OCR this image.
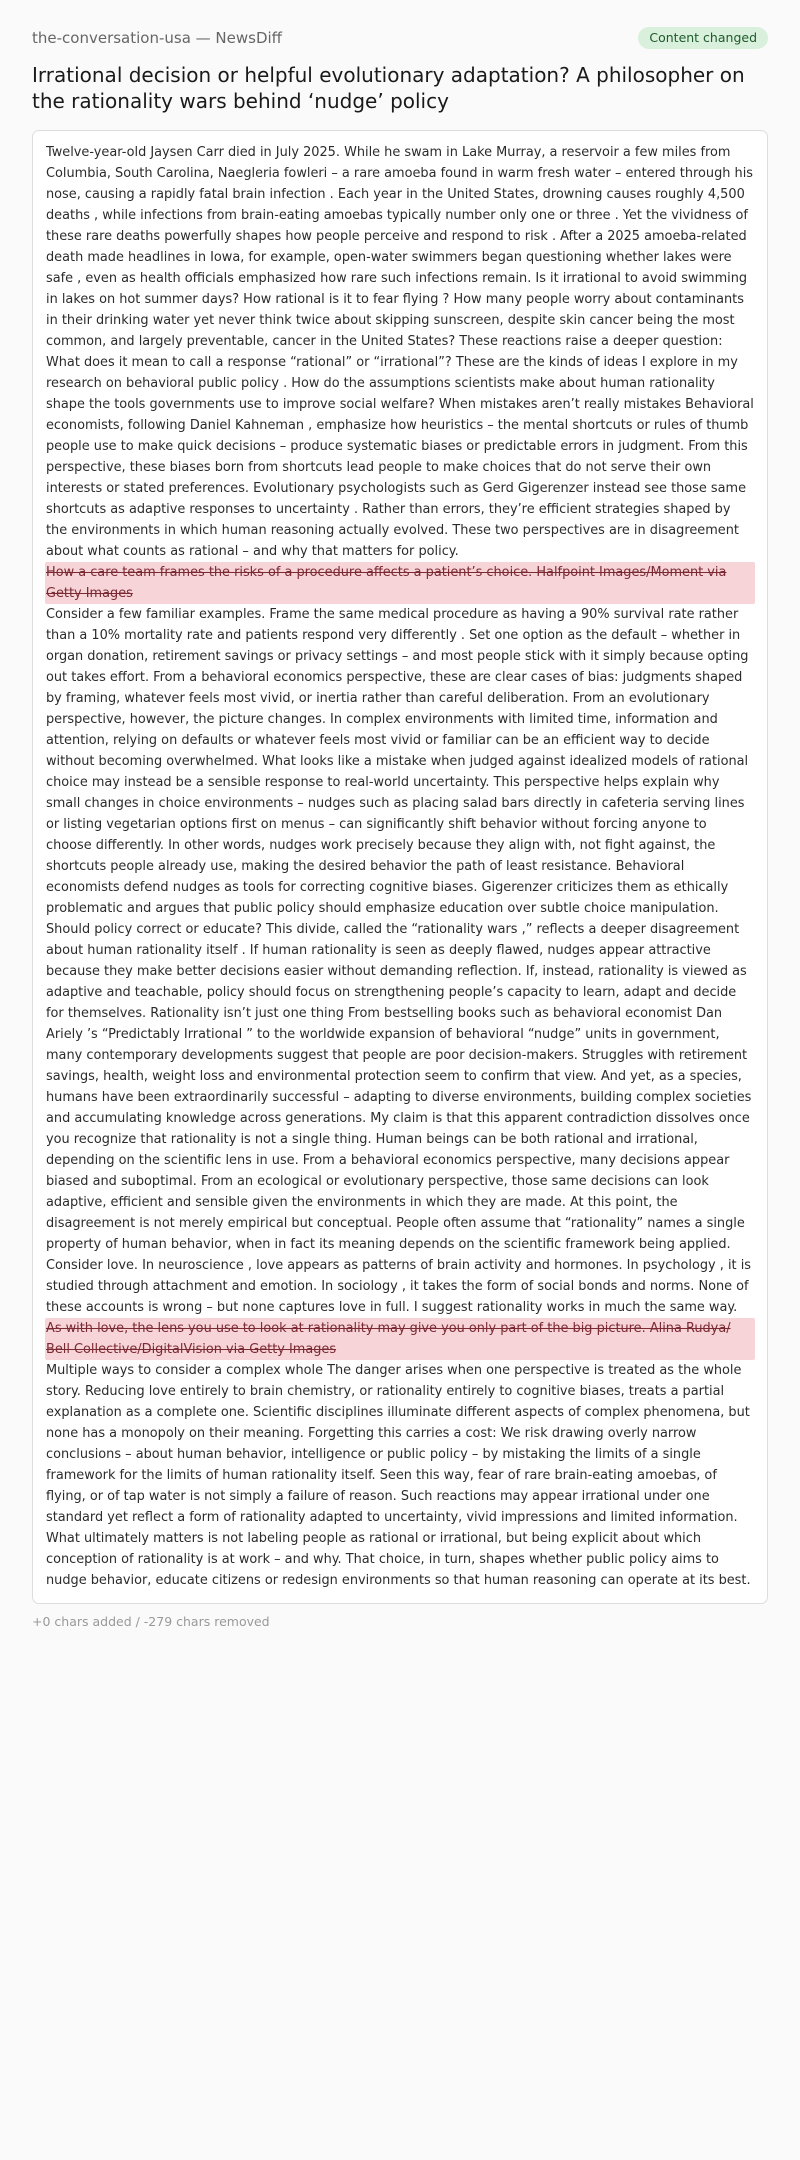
the-conversation-usa — NewsDiff	Content changed
Irrational decision or helpful evolutionary adaptation? A philosopher on the rationality wars behind ‘nudge’ policy

Twelve-year-old Jaysen Carr died in July 2025. While he swam in Lake Murray, a reservoir a few miles from Columbia, South Carolina, Naegleria fowleri – a rare amoeba found in warm fresh water – entered through his nose, causing a rapidly fatal brain infection . Each year in the United States, drowning causes roughly 4,500 deaths , while infections from brain-eating amoebas typically number only one or three . Yet the vividness of these rare deaths powerfully shapes how people perceive and respond to risk . After a 2025 amoeba-related death made headlines in Iowa, for example, open-water swimmers began questioning whether lakes were safe , even as health officials emphasized how rare such infections remain. Is it irrational to avoid swimming in lakes on hot summer days? How rational is it to fear flying ? How many people worry about contaminants in their drinking water yet never think twice about skipping sunscreen, despite skin cancer being the most common, and largely preventable, cancer in the United States? These reactions raise a deeper question: What does it mean to call a response “rational” or “irrational”? These are the kinds of ideas I explore in my research on behavioral public policy . How do the assumptions scientists make about human rationality shape the tools governments use to improve social welfare? When mistakes aren’t really mistakes Behavioral economists, following Daniel Kahneman , emphasize how heuristics – the mental shortcuts or rules of thumb people use to make quick decisions – produce systematic biases or predictable errors in judgment. From this perspective, these biases born from shortcuts lead people to make choices that do not serve their own interests or stated preferences. Evolutionary psychologists such as Gerd Gigerenzer instead see those same shortcuts as adaptive responses to uncertainty . Rather than errors, they’re efficient strategies shaped by the environments in which human reasoning actually evolved. These two perspectives are in disagreement about what counts as rational – and why that matters for policy.

How a care team frames the risks of a procedure affects a patient’s choice. Halfpoint Images/Moment via Getty Images

Consider a few familiar examples. Frame the same medical procedure as having a 90% survival rate rather than a 10% mortality rate and patients respond very differently . Set one option as the default – whether in organ donation, retirement savings or privacy settings – and most people stick with it simply because opting out takes effort. From a behavioral economics perspective, these are clear cases of bias: judgments shaped by framing, whatever feels most vivid, or inertia rather than careful deliberation. From an evolutionary perspective, however, the picture changes. In complex environments with limited time, information and attention, relying on defaults or whatever feels most vivid or familiar can be an efficient way to decide without becoming overwhelmed. What looks like a mistake when judged against idealized models of rational choice may instead be a sensible response to real-world uncertainty. This perspective helps explain why small changes in choice environments – nudges such as placing salad bars directly in cafeteria serving lines or listing vegetarian options first on menus – can significantly shift behavior without forcing anyone to choose differently. In other words, nudges work precisely because they align with, not fight against, the shortcuts people already use, making the desired behavior the path of least resistance. Behavioral economists defend nudges as tools for correcting cognitive biases. Gigerenzer criticizes them as ethically problematic and argues that public policy should emphasize education over subtle choice manipulation. Should policy correct or educate? This divide, called the “rationality wars ,” reflects a deeper disagreement about human rationality itself . If human rationality is seen as deeply flawed, nudges appear attractive because they make better decisions easier without demanding reflection. If, instead, rationality is viewed as adaptive and teachable, policy should focus on strengthening people’s capacity to learn, adapt and decide for themselves. Rationality isn’t just one thing From bestselling books such as behavioral economist Dan Ariely ’s “Predictably Irrational ” to the worldwide expansion of behavioral “nudge” units in government, many contemporary developments suggest that people are poor decision-makers. Struggles with retirement savings, health, weight loss and environmental protection seem to confirm that view. And yet, as a species, humans have been extraordinarily successful – adapting to diverse environments, building complex societies and accumulating knowledge across generations. My claim is that this apparent contradiction dissolves once you recognize that rationality is not a single thing. Human beings can be both rational and irrational, depending on the scientific lens in use. From a behavioral economics perspective, many decisions appear biased and suboptimal. From an ecological or evolutionary perspective, those same decisions can look adaptive, efficient and sensible given the environments in which they are made. At this point, the disagreement is not merely empirical but conceptual. People often assume that “rationality” names a single property of human behavior, when in fact its meaning depends on the scientific framework being applied. Consider love. In neuroscience , love appears as patterns of brain activity and hormones. In psychology , it is studied through attachment and emotion. In sociology , it takes the form of social bonds and norms. None of these accounts is wrong – but none captures love in full. I suggest rationality works in much the same way.

As with love, the lens you use to look at rationality may give you only part of the big picture. Alina Rudya/ Bell Collective/DigitalVision via Getty Images

Multiple ways to consider a complex whole The danger arises when one perspective is treated as the whole story. Reducing love entirely to brain chemistry, or rationality entirely to cognitive biases, treats a partial explanation as a complete one. Scientific disciplines illuminate different aspects of complex phenomena, but none has a monopoly on their meaning. Forgetting this carries a cost: We risk drawing overly narrow conclusions – about human behavior, intelligence or public policy – by mistaking the limits of a single framework for the limits of human rationality itself. Seen this way, fear of rare brain-eating amoebas, of flying, or of tap water is not simply a failure of reason. Such reactions may appear irrational under one standard yet reflect a form of rationality adapted to uncertainty, vivid impressions and limited information. What ultimately matters is not labeling people as rational or irrational, but being explicit about which conception of rationality is at work – and why. That choice, in turn, shapes whether public policy aims to nudge behavior, educate citizens or redesign environments so that human reasoning can operate at its best.

+0 chars added / -279 chars removed
